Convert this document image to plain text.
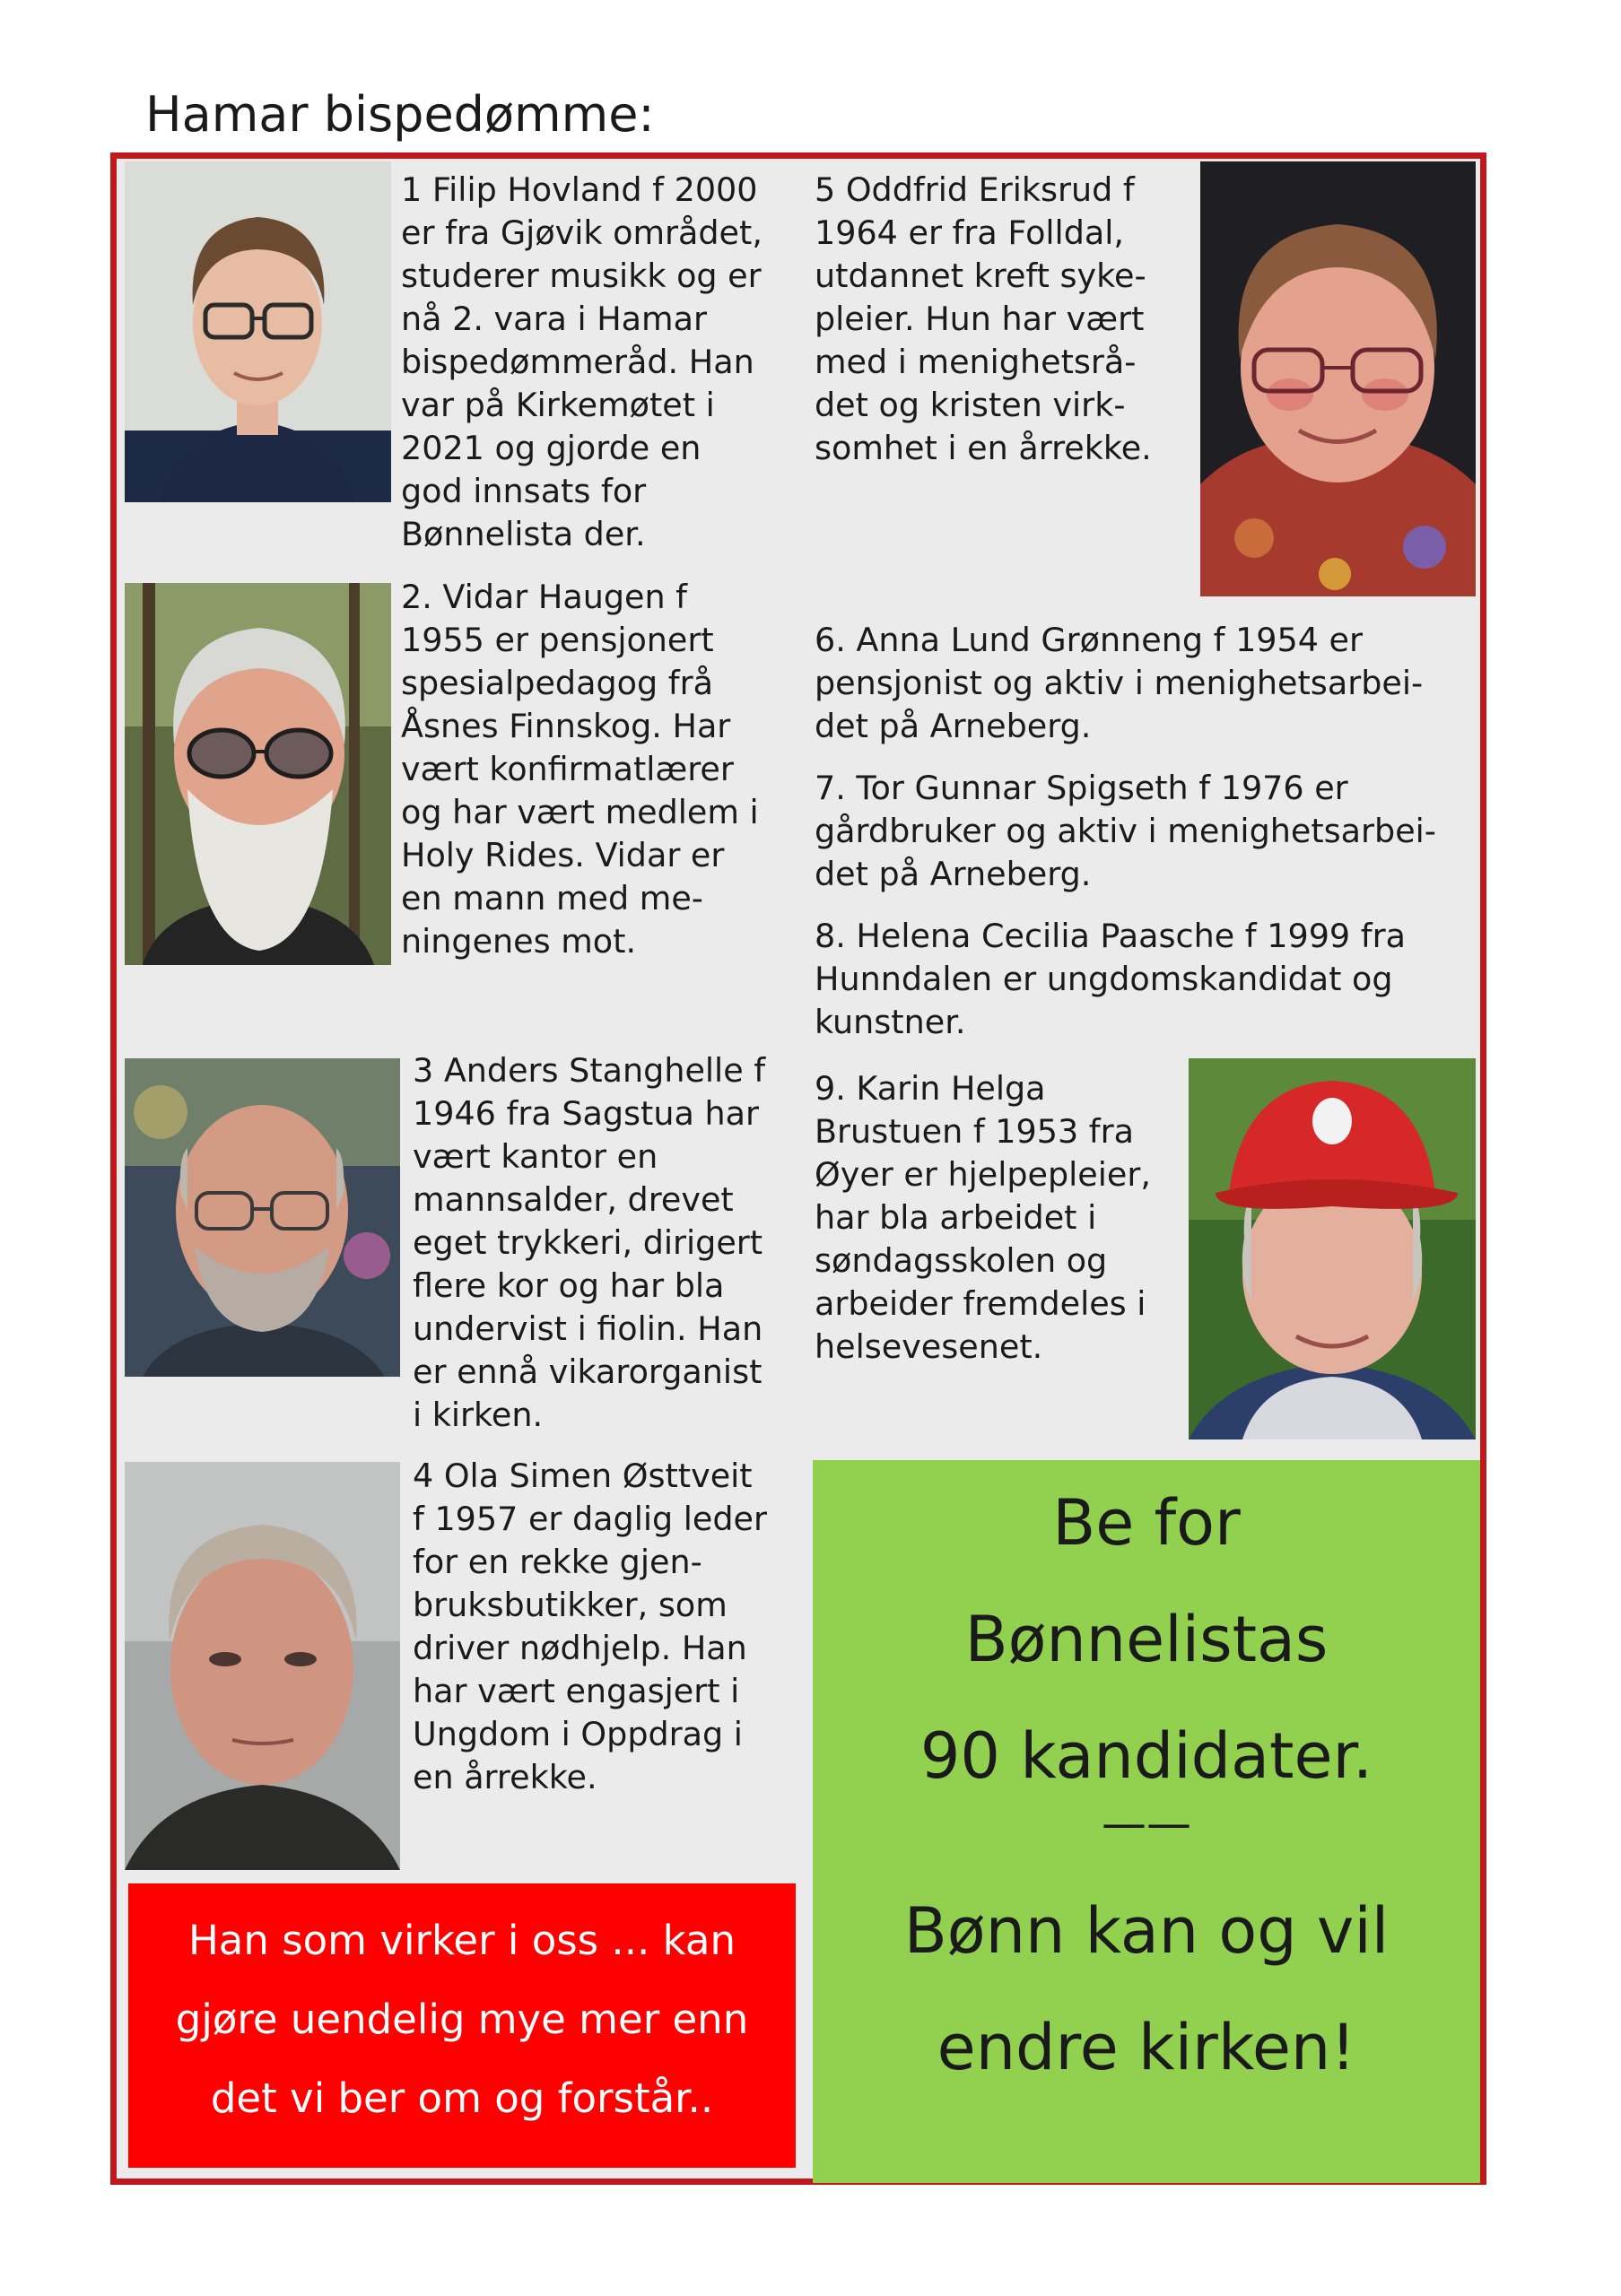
Hamar bispedømme:

1 Filip Hovland f 2000
er fra Gjøvik området,
studerer musikk og er
nå 2. vara i Hamar
bispedømmeråd. Han
var på Kirkemøtet i
2021 og gjorde en
god innsats for
Bønnelista der.

2. Vidar Haugen f
1955 er pensjonert
spesialpedagog frå
Åsnes Finnskog. Har
vært konfirmatlærer
og har vært medlem i
Holy Rides. Vidar er
en mann med me-
ningenes mot.

3 Anders Stanghelle f
1946 fra Sagstua har
vært kantor en
mannsalder, drevet
eget trykkeri, dirigert
flere kor og har bla
undervist i fiolin. Han
er ennå vikarorganist
i kirken.

4 Ola Simen Østtveit
f 1957 er daglig leder
for en rekke gjen-
bruksbutikker, som
driver nødhjelp. Han
har vært engasjert i
Ungdom i Oppdrag i
en årrekke.

5 Oddfrid Eriksrud f
1964 er fra Folldal,
utdannet kreft syke-
pleier. Hun har vært
med i menighetsrå-
det og kristen virk-
somhet i en årrekke.

6. Anna Lund Grønneng f 1954 er
pensjonist og aktiv i menighetsarbei-
det på Arneberg.

7. Tor Gunnar Spigseth f 1976 er
gårdbruker og aktiv i menighetsarbei-
det på Arneberg.

8. Helena Cecilia Paasche f 1999 fra
Hunndalen er ungdomskandidat og
kunstner.

9. Karin Helga
Brustuen f 1953 fra
Øyer er hjelpepleier,
har bla arbeidet i
søndagsskolen og
arbeider fremdeles i
helsevesenet.

Han som virker i oss ... kan
gjøre uendelig mye mer enn
det vi ber om og forstår..
Be for
Bønnelistas
90 kandidater.
——
Bønn kan og vil
endre kirken!
